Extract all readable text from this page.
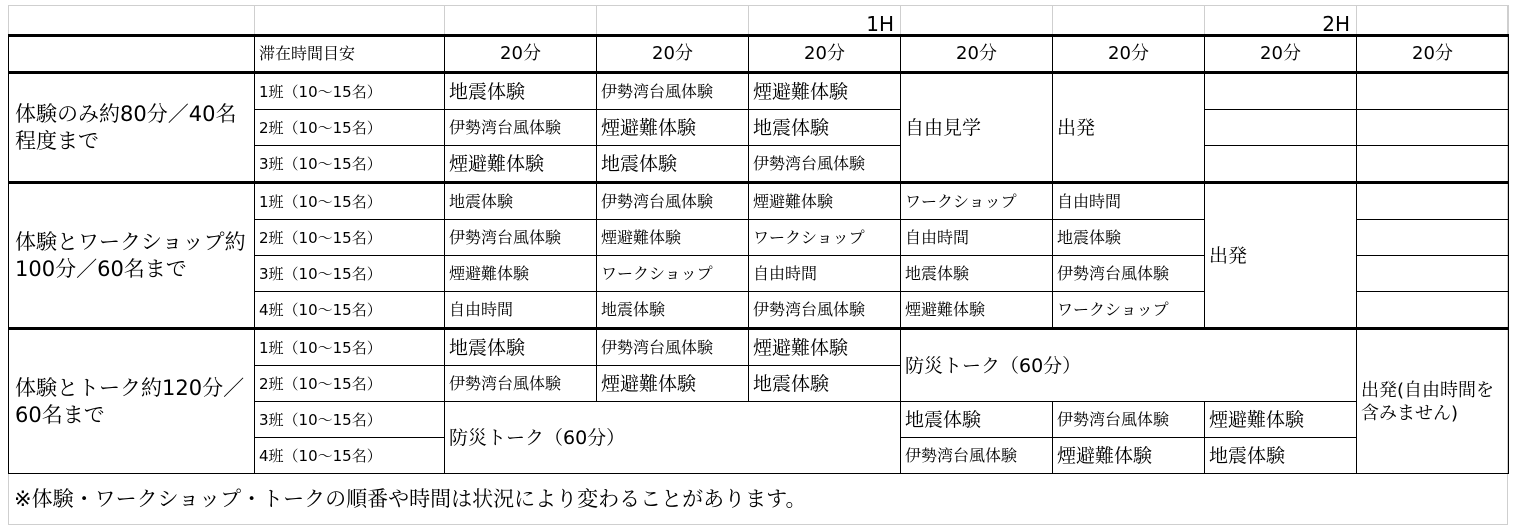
				1H			2H	
	滞在時間目安	20分	20分	20分	20分	20分	20分	20分
体験のみ約80分／40名程度まで	1班（10～15名）	地震体験	伊勢湾台風体験	煙避難体験	自由見学	出発		
	2班（10～15名）	伊勢湾台風体験	煙避難体験	地震体験				
	3班（10～15名）	煙避難体験	地震体験	伊勢湾台風体験				
体験とワークショップ約100分／60名まで	1班（10～15名）	地震体験	伊勢湾台風体験	煙避難体験	ワークショップ	自由時間	出発	
	2班（10～15名）	伊勢湾台風体験	煙避難体験	ワークショップ	自由時間	地震体験		
	3班（10～15名）	煙避難体験	ワークショップ	自由時間	地震体験	伊勢湾台風体験		
	4班（10～15名）	自由時間	地震体験	伊勢湾台風体験	煙避難体験	ワークショップ		
体験とトーク約120分／60名まで	1班（10～15名）	地震体験	伊勢湾台風体験	煙避難体験	防災トーク（60分）			出発(自由時間を含みません)
	2班（10～15名）	伊勢湾台風体験	煙避難体験	地震体験				
	3班（10～15名）	防災トーク（60分）			地震体験	伊勢湾台風体験	煙避難体験	
	4班（10～15名）				伊勢湾台風体験	煙避難体験	地震体験	
※体験・ワークショップ・トークの順番や時間は状況により変わることがあります。
